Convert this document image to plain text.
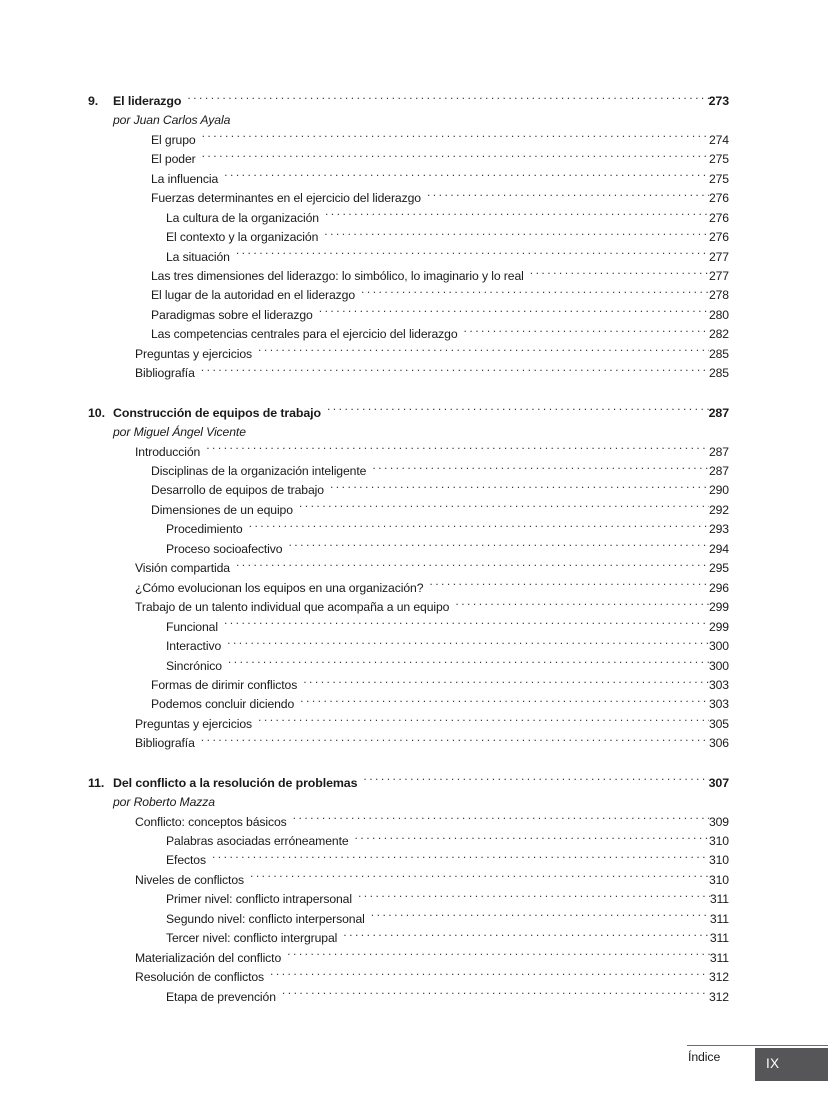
9.	El liderazgo .....	273
por Juan Carlos Ayala
El grupo .....	274
El poder .....	275
La influencia .....	275
Fuerzas determinantes en el ejercicio del liderazgo .....	276
La cultura de la organización .....	276
El contexto y la organización .....	276
La situación .....	277
Las tres dimensiones del liderazgo: lo simbólico, lo imaginario y lo real .....	277
El lugar de la autoridad en el liderazgo .....	278
Paradigmas sobre el liderazgo .....	280
Las competencias centrales para el ejercicio del liderazgo .....	282
Preguntas y ejercicios .....	285
Bibliografía .....	285
10. Construcción de equipos de trabajo .....	287
por Miguel Ángel Vicente
Introducción .....	287
Disciplinas de la organización inteligente .....	287
Desarrollo de equipos de trabajo .....	290
Dimensiones de un equipo .....	292
Procedimiento .....	293
Proceso socioafectivo .....	294
Visión compartida .....	295
¿Cómo evolucionan los equipos en una organización? .....	296
Trabajo de un talento individual que acompaña a un equipo .....	299
Funcional .....	299
Interactivo .....	300
Sincrónico .....	300
Formas de dirimir conflictos .....	303
Podemos concluir diciendo .....	303
Preguntas y ejercicios .....	305
Bibliografía .....	306
11. Del conflicto a la resolución de problemas .....	307
por Roberto Mazza
Conflicto: conceptos básicos .....	309
Palabras asociadas erróneamente .....	310
Efectos .....	310
Niveles de conflictos .....	310
Primer nivel: conflicto intrapersonal .....	311
Segundo nivel: conflicto interpersonal .....	311
Tercer nivel: conflicto intergrupal .....	311
Materialización del conflicto .....	311
Resolución de conflictos .....	312
Etapa de prevención .....	312
Índice	IX
